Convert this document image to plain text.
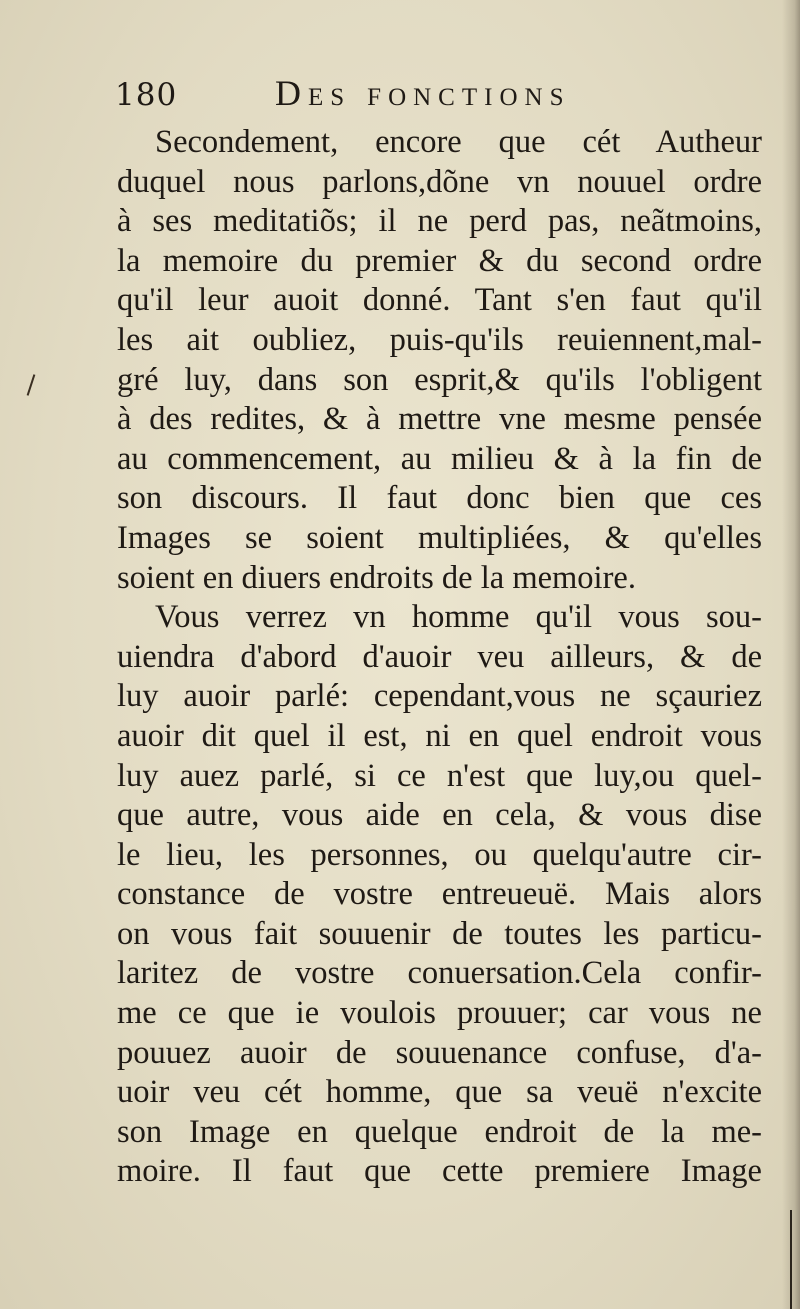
180	Des fonctions
Secondement, encore que cét Autheur
duquel nous parlons,dõne vn nouuel ordre
à ses meditatiõs; il ne perd pas, neãtmoins,
la memoire du premier & du second ordre
qu'il leur auoit donné. Tant s'en faut qu'il
les ait oubliez, puis-qu'ils reuiennent,mal-
gré luy, dans son esprit,& qu'ils l'obligent
à des redites, & à mettre vne mesme pensée
au commencement, au milieu & à la fin de
son discours. Il faut donc bien que ces
Images se soient multipliées, & qu'elles
soient en diuers endroits de la memoire.
Vous verrez vn homme qu'il vous sou-
uiendra d'abord d'auoir veu ailleurs, & de
luy auoir parlé: cependant,vous ne sçauriez
auoir dit quel il est, ni en quel endroit vous
luy auez parlé, si ce n'est que luy,ou quel-
que autre, vous aide en cela, & vous dise
le lieu, les personnes, ou quelqu'autre cir-
constance de vostre entreueuë. Mais alors
on vous fait souuenir de toutes les particu-
laritez de vostre conuersation.Cela confir-
me ce que ie voulois prouuer; car vous ne
pouuez auoir de souuenance confuse, d'a-
uoir veu cét homme, que sa veuë n'excite
son Image en quelque endroit de la me-
moire. Il faut que cette premiere Image
